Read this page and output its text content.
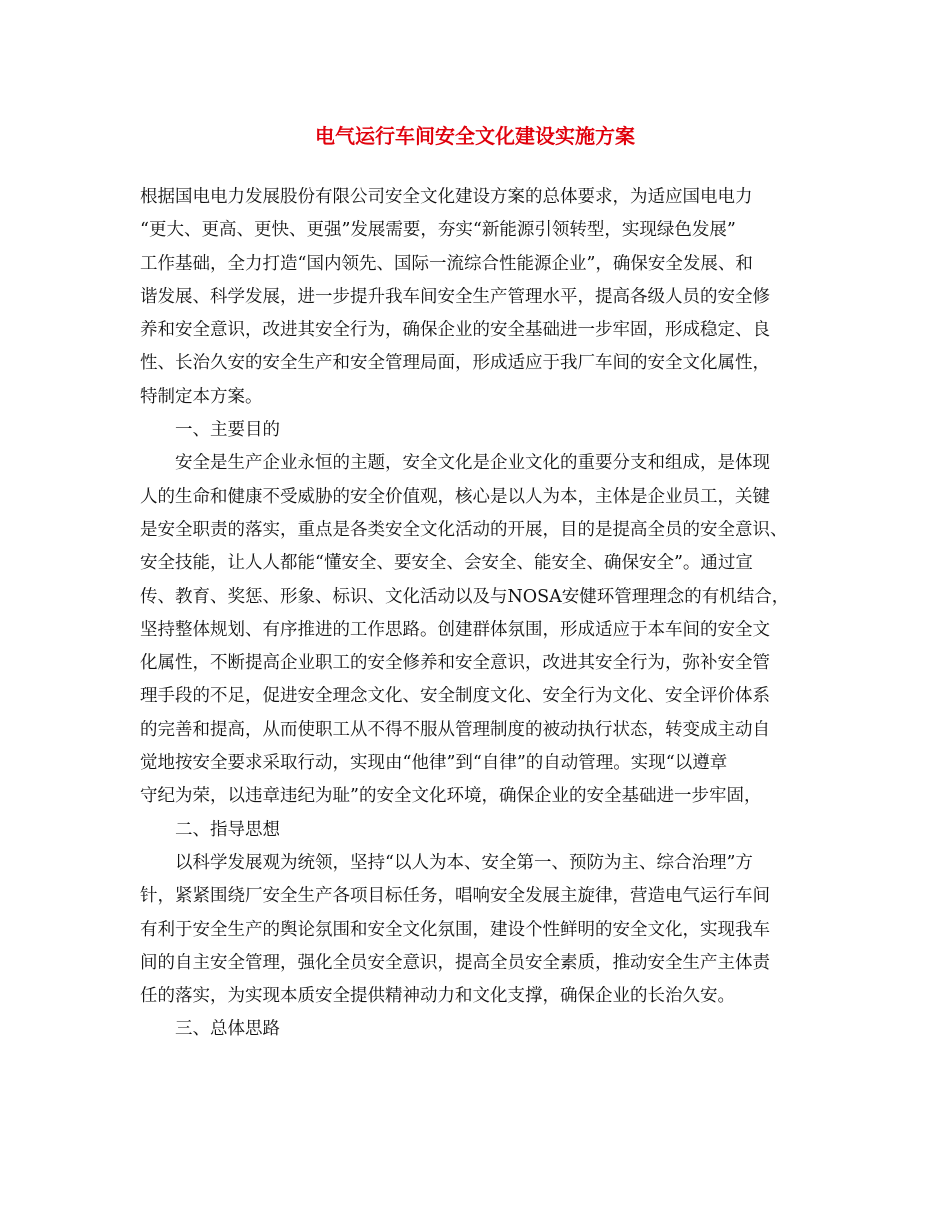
电气运行车间安全文化建设实施方案
根据国电电力发展股份有限公司安全文化建设方案的总体要求，为适应国电电力
“更大、更高、更快、更强”发展需要，夯实“新能源引领转型，实现绿色发展”
工作基础，全力打造“国内领先、国际一流综合性能源企业”，确保安全发展、和
谐发展、科学发展，进一步提升我车间安全生产管理水平，提高各级人员的安全修
养和安全意识，改进其安全行为，确保企业的安全基础进一步牢固，形成稳定、良
性、长治久安的安全生产和安全管理局面，形成适应于我厂车间的安全文化属性，
特制定本方案。
一、主要目的
安全是生产企业永恒的主题，安全文化是企业文化的重要分支和组成，是体现
人的生命和健康不受威胁的安全价值观，核心是以人为本，主体是企业员工，关键
是安全职责的落实，重点是各类安全文化活动的开展，目的是提高全员的安全意识、
安全技能，让人人都能“懂安全、要安全、会安全、能安全、确保安全”。通过宣
传、教育、奖惩、形象、标识、文化活动以及与NOSA安健环管理理念的有机结合，
坚持整体规划、有序推进的工作思路。创建群体氛围，形成适应于本车间的安全文
化属性，不断提高企业职工的安全修养和安全意识，改进其安全行为，弥补安全管
理手段的不足，促进安全理念文化、安全制度文化、安全行为文化、安全评价体系
的完善和提高，从而使职工从不得不服从管理制度的被动执行状态，转变成主动自
觉地按安全要求采取行动，实现由“他律”到“自律”的自动管理。实现“以遵章
守纪为荣，以违章违纪为耻”的安全文化环境，确保企业的安全基础进一步牢固，
二、指导思想
以科学发展观为统领，坚持“以人为本、安全第一、预防为主、综合治理”方
针，紧紧围绕厂安全生产各项目标任务，唱响安全发展主旋律，营造电气运行车间
有利于安全生产的舆论氛围和安全文化氛围，建设个性鲜明的安全文化，实现我车
间的自主安全管理，强化全员安全意识，提高全员安全素质，推动安全生产主体责
任的落实，为实现本质安全提供精神动力和文化支撑，确保企业的长治久安。
三、总体思路
